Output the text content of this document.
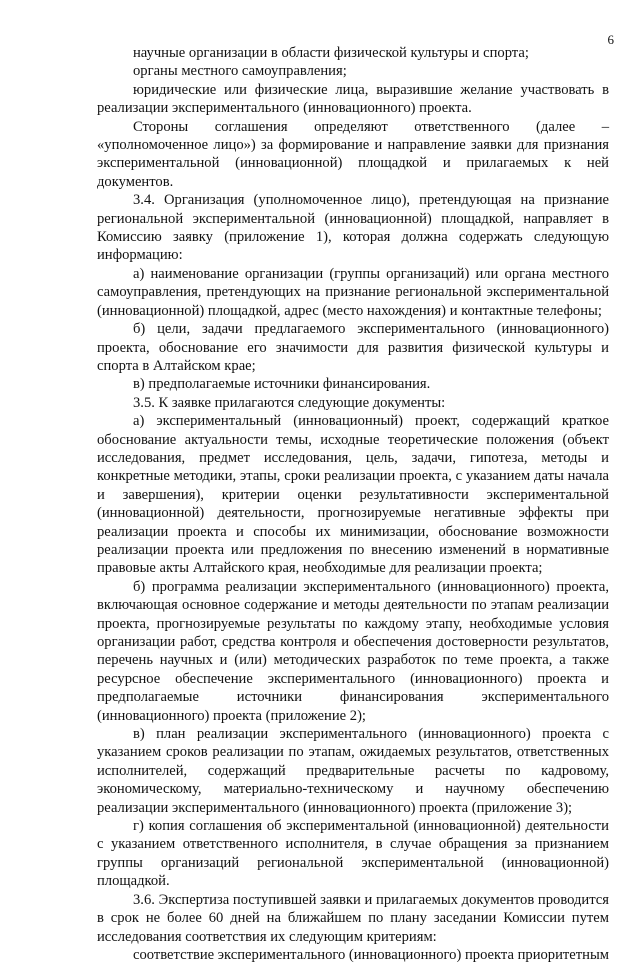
6

научные организации в области физической культуры и спорта;

органы местного самоуправления;

юридические или физические лица, выразившие желание участвовать в реализации экспериментального (инновационного) проекта.

Стороны соглашения определяют ответственного (далее – «уполномоченное лицо») за формирование и направление заявки для признания экспериментальной (инновационной) площадкой и прилагаемых к ней документов.

3.4. Организация (уполномоченное лицо), претендующая на признание региональной экспериментальной (инновационной) площадкой, направляет в Комиссию заявку (приложение 1), которая должна содержать следующую информацию:

а) наименование организации (группы организаций) или органа местного самоуправления, претендующих на признание региональной экспериментальной (инновационной) площадкой, адрес (место нахождения) и контактные телефоны;

б) цели, задачи предлагаемого экспериментального (инновационного) проекта, обоснование его значимости для развития физической культуры и спорта в Алтайском крае;

в) предполагаемые источники финансирования.

3.5. К заявке прилагаются следующие документы:

а) экспериментальный (инновационный) проект, содержащий краткое обоснование актуальности темы, исходные теоретические положения (объект исследования, предмет исследования, цель, задачи, гипотеза, методы и конкретные методики, этапы, сроки реализации проекта, с указанием даты начала и завершения), критерии оценки результативности экспериментальной (инновационной) деятельности, прогнозируемые негативные эффекты при реализации проекта и способы их минимизации, обоснование возможности реализации проекта или предложения по внесению изменений в нормативные правовые акты Алтайского края, необходимые для реализации проекта;

б) программа реализации экспериментального (инновационного) проекта, включающая основное содержание и методы деятельности по этапам реализации проекта, прогнозируемые результаты по каждому этапу, необходимые условия организации работ, средства контроля и обеспечения достоверности результатов, перечень научных и (или) методических разработок по теме проекта, а также ресурсное обеспечение экспериментального (инновационного) проекта и предполагаемые источники финансирования экспериментального (инновационного) проекта (приложение 2);

в) план реализации экспериментального (инновационного) проекта с указанием сроков реализации по этапам, ожидаемых результатов, ответственных исполнителей, содержащий предварительные расчеты по кадровому, экономическому, материально-техническому и научному обеспечению реализации экспериментального (инновационного) проекта (приложение 3);

г) копия соглашения об экспериментальной (инновационной) деятельности с указанием ответственного исполнителя, в случае обращения за признанием группы организаций региональной экспериментальной (инновационной) площадкой.

3.6. Экспертиза поступившей заявки и прилагаемых документов проводится в срок не более 60 дней на ближайшем по плану заседании Комиссии путем исследования соответствия их следующим критериям:

соответствие экспериментального (инновационного) проекта приоритетным
